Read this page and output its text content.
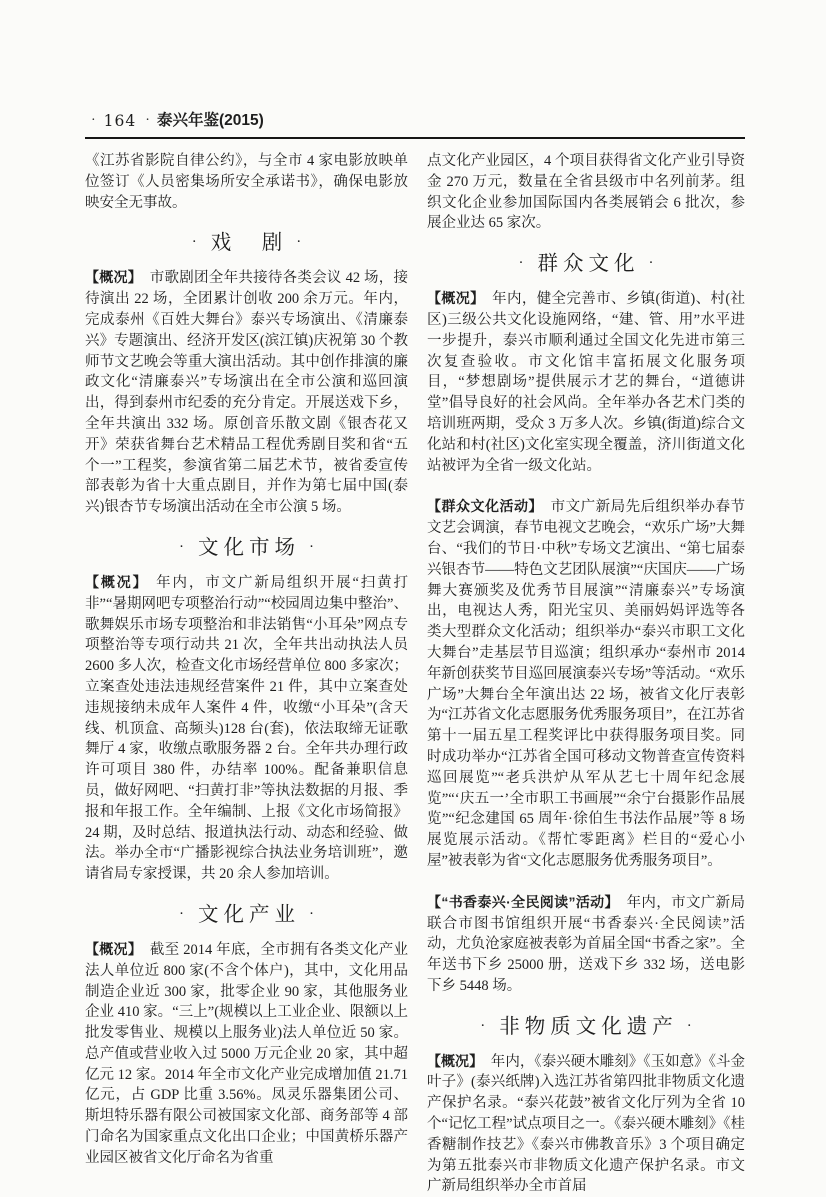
· 164 · 泰兴年鉴(2015)

《江苏省影院自律公约》，与全市 4 家电影放映单位签订《人员密集场所安全承诺书》，确保电影放映安全无事故。

· 戏　剧 ·

【概况】 市歌剧团全年共接待各类会议 42 场，接待演出 22 场，全团累计创收 200 余万元。年内，完成泰州《百姓大舞台》泰兴专场演出、《清廉泰兴》专题演出、经济开发区(滨江镇)庆祝第 30 个教师节文艺晚会等重大演出活动。其中创作排演的廉政文化“清廉泰兴”专场演出在全市公演和巡回演出，得到泰州市纪委的充分肯定。开展送戏下乡，全年共演出 332 场。原创音乐散文剧《银杏花又开》荣获省舞台艺术精品工程优秀剧目奖和省“五个一”工程奖，参演省第二届艺术节，被省委宣传部表彰为省十大重点剧目，并作为第七届中国(泰兴)银杏节专场演出活动在全市公演 5 场。

· 文化市场 ·

【概况】 年内，市文广新局组织开展“扫黄打非”“暑期网吧专项整治行动”“校园周边集中整治”、歌舞娱乐市场专项整治和非法销售“小耳朵”网点专项整治等专项行动共 21 次，全年共出动执法人员 2600 多人次，检查文化市场经营单位 800 多家次；立案查处违法违规经营案件 21 件，其中立案查处违规接纳未成年人案件 4 件，收缴“小耳朵”(含天线、机顶盒、高频头)128 台(套)，依法取缔无证歌舞厅 4 家，收缴点歌服务器 2 台。全年共办理行政许可项目 380 件，办结率 100%。配备兼职信息员，做好网吧、“扫黄打非”等执法数据的月报、季报和年报工作。全年编制、上报《文化市场简报》24 期，及时总结、报道执法行动、动态和经验、做法。举办全市“广播影视综合执法业务培训班”，邀请省局专家授课，共 20 余人参加培训。

· 文化产业 ·

【概况】 截至 2014 年底，全市拥有各类文化产业法人单位近 800 家(不含个体户)，其中，文化用品制造企业近 300 家，批零企业 90 家，其他服务业企业 410 家。“三上”(规模以上工业企业、限额以上批发零售业、规模以上服务业)法人单位近 50 家。总产值或营业收入过 5000 万元企业 20 家，其中超亿元 12 家。2014 年全市文化产业完成增加值 21.71 亿元，占 GDP 比重 3.56%。凤灵乐器集团公司、斯坦特乐器有限公司被国家文化部、商务部等 4 部门命名为国家重点文化出口企业；中国黄桥乐器产业园区被省文化厅命名为省重

点文化产业园区，4 个项目获得省文化产业引导资金 270 万元，数量在全省县级市中名列前茅。组织文化企业参加国际国内各类展销会 6 批次，参展企业达 65 家次。

· 群众文化 ·

【概况】 年内，健全完善市、乡镇(街道)、村(社区)三级公共文化设施网络，“建、管、用”水平进一步提升，泰兴市顺利通过全国文化先进市第三次复查验收。市文化馆丰富拓展文化服务项目，“梦想剧场”提供展示才艺的舞台，“道德讲堂”倡导良好的社会风尚。全年举办各艺术门类的培训班两期，受众 3 万多人次。乡镇(街道)综合文化站和村(社区)文化室实现全覆盖，济川街道文化站被评为全省一级文化站。

【群众文化活动】 市文广新局先后组织举办春节文艺会调演，春节电视文艺晚会，“欢乐广场”大舞台、“我们的节日·中秋”专场文艺演出、“第七届泰兴银杏节——特色文艺团队展演”“庆国庆——广场舞大赛颁奖及优秀节目展演”“清廉泰兴”专场演出，电视达人秀，阳光宝贝、美丽妈妈评选等各类大型群众文化活动；组织举办“泰兴市职工文化大舞台”走基层节目巡演；组织承办“泰州市 2014 年新创获奖节目巡回展演泰兴专场”等活动。“欢乐广场”大舞台全年演出达 22 场，被省文化厅表彰为“江苏省文化志愿服务优秀服务项目”，在江苏省第十一届五星工程奖评比中获得服务项目奖。同时成功举办“江苏省全国可移动文物普查宣传资料巡回展览”“老兵洪炉从军从艺七十周年纪念展览”“‘庆五一’全市职工书画展”“余宁台摄影作品展览”“纪念建国 65 周年·徐伯生书法作品展”等 8 场展览展示活动。《帮忙零距离》栏目的“爱心小屋”被表彰为省“文化志愿服务优秀服务项目”。

【“书香泰兴·全民阅读”活动】 年内，市文广新局联合市图书馆组织开展“书香泰兴·全民阅读”活动，尤负沧家庭被表彰为首届全国“书香之家”。全年送书下乡 25000 册，送戏下乡 332 场，送电影下乡 5448 场。

· 非物质文化遗产 ·

【概况】 年内，《泰兴硬木雕刻》《玉如意》《斗金叶子》(泰兴纸牌)入选江苏省第四批非物质文化遗产保护名录。“泰兴花鼓”被省文化厅列为全省 10 个“记忆工程”试点项目之一。《泰兴硬木雕刻》《桂香糖制作技艺》《泰兴市佛教音乐》3 个项目确定为第五批泰兴市非物质文化遗产保护名录。市文广新局组织举办全市首届
